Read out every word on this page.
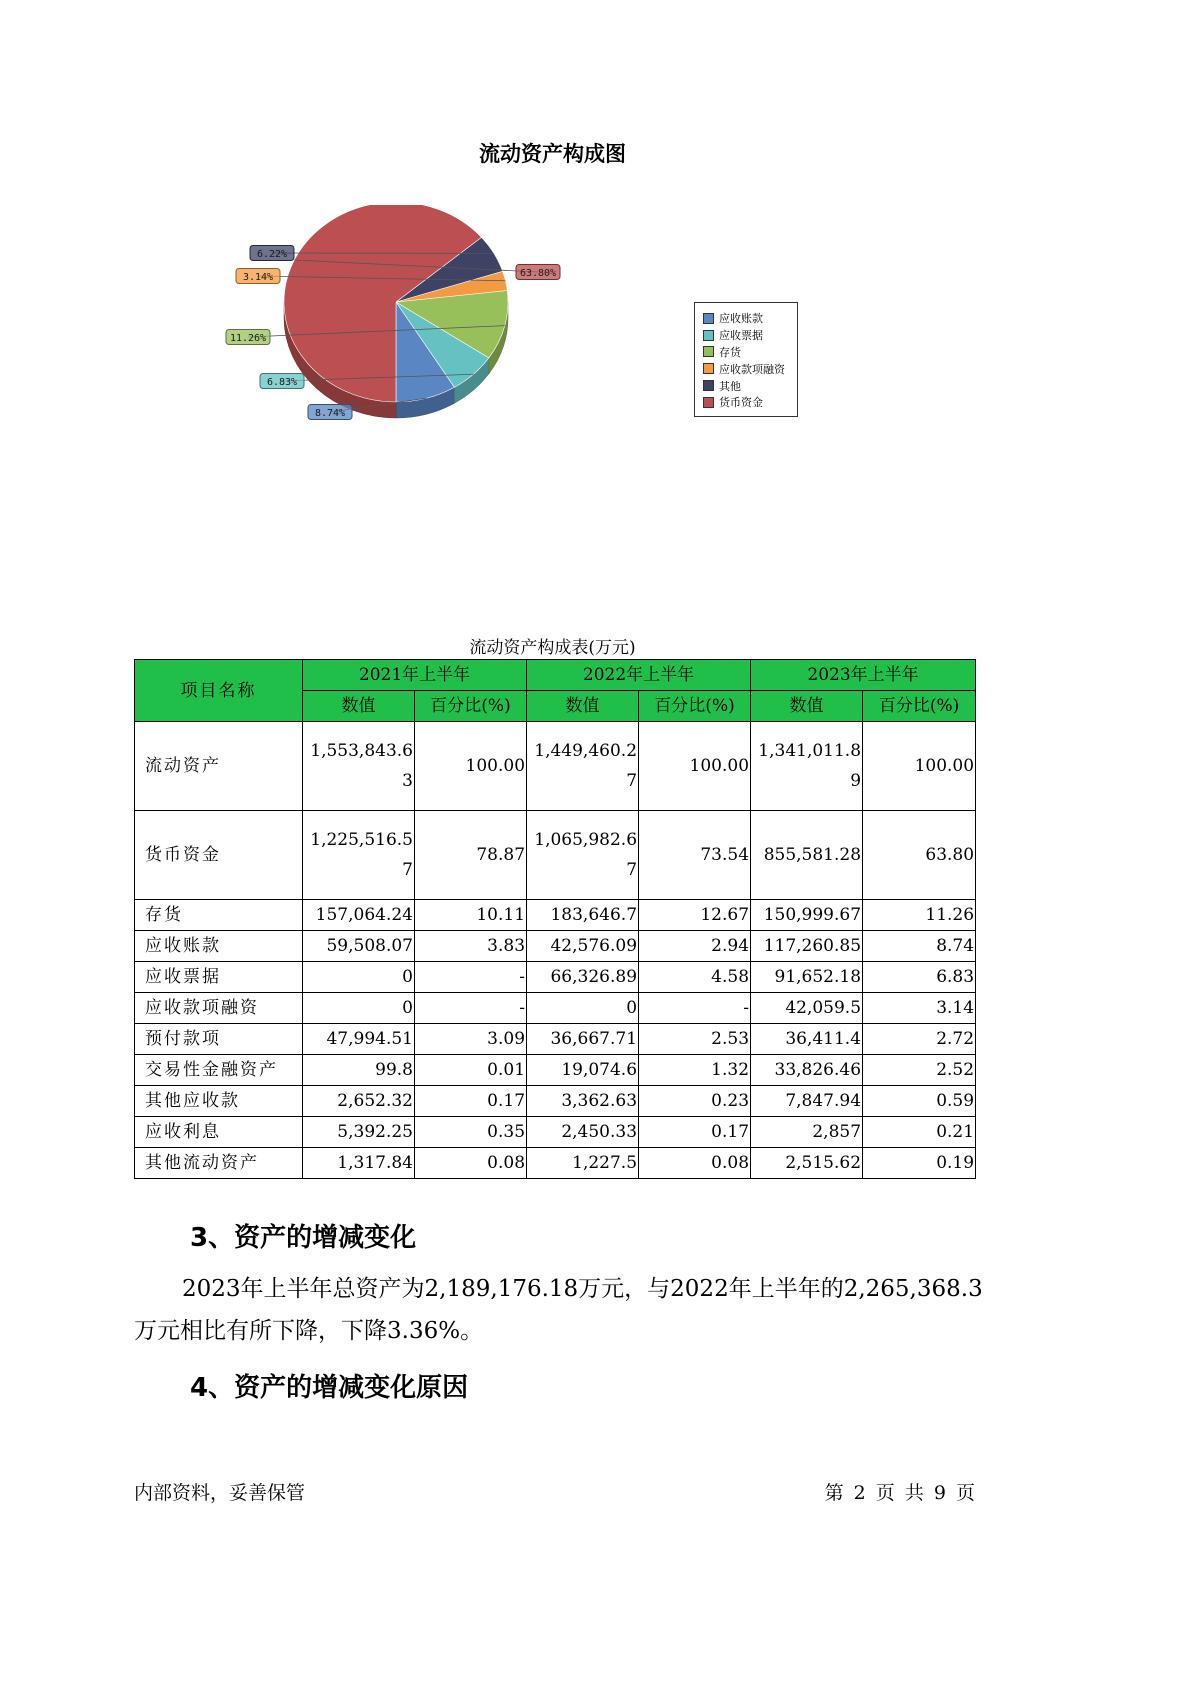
流动资产构成图
8.74%
6.83%
11.26%
3.14%
6.22%
63.80%
应收账款
应收票据
存货
应收款项融资
其他
货币资金
流动资产构成表(万元)
项目名称	2021年上半年		2022年上半年		2023年上半年	
	数值	百分比(%)	数值	百分比(%)	数值	百分比(%)
流动资产	1,553,843.63	100.00	1,449,460.27	100.00	1,341,011.89	100.00
货币资金	1,225,516.57	78.87	1,065,982.67	73.54	855,581.28	63.80
存货	157,064.24	10.11	183,646.7	12.67	150,999.67	11.26
应收账款	59,508.07	3.83	42,576.09	2.94	117,260.85	8.74
应收票据	0	-	66,326.89	4.58	91,652.18	6.83
应收款项融资	0	-	0	-	42,059.5	3.14
预付款项	47,994.51	3.09	36,667.71	2.53	36,411.4	2.72
交易性金融资产	99.8	0.01	19,074.6	1.32	33,826.46	2.52
其他应收款	2,652.32	0.17	3,362.63	0.23	7,847.94	0.59
应收利息	5,392.25	0.35	2,450.33	0.17	2,857	0.21
其他流动资产	1,317.84	0.08	1,227.5	0.08	2,515.62	0.19
3、资产的增减变化
2023年上半年总资产为2,189,176.18万元，与2022年上半年的2,265,368.3万元相比有所下降，下降3.36%。
4、资产的增减变化原因
内部资料，妥善保管	第 2 页 共 9 页
